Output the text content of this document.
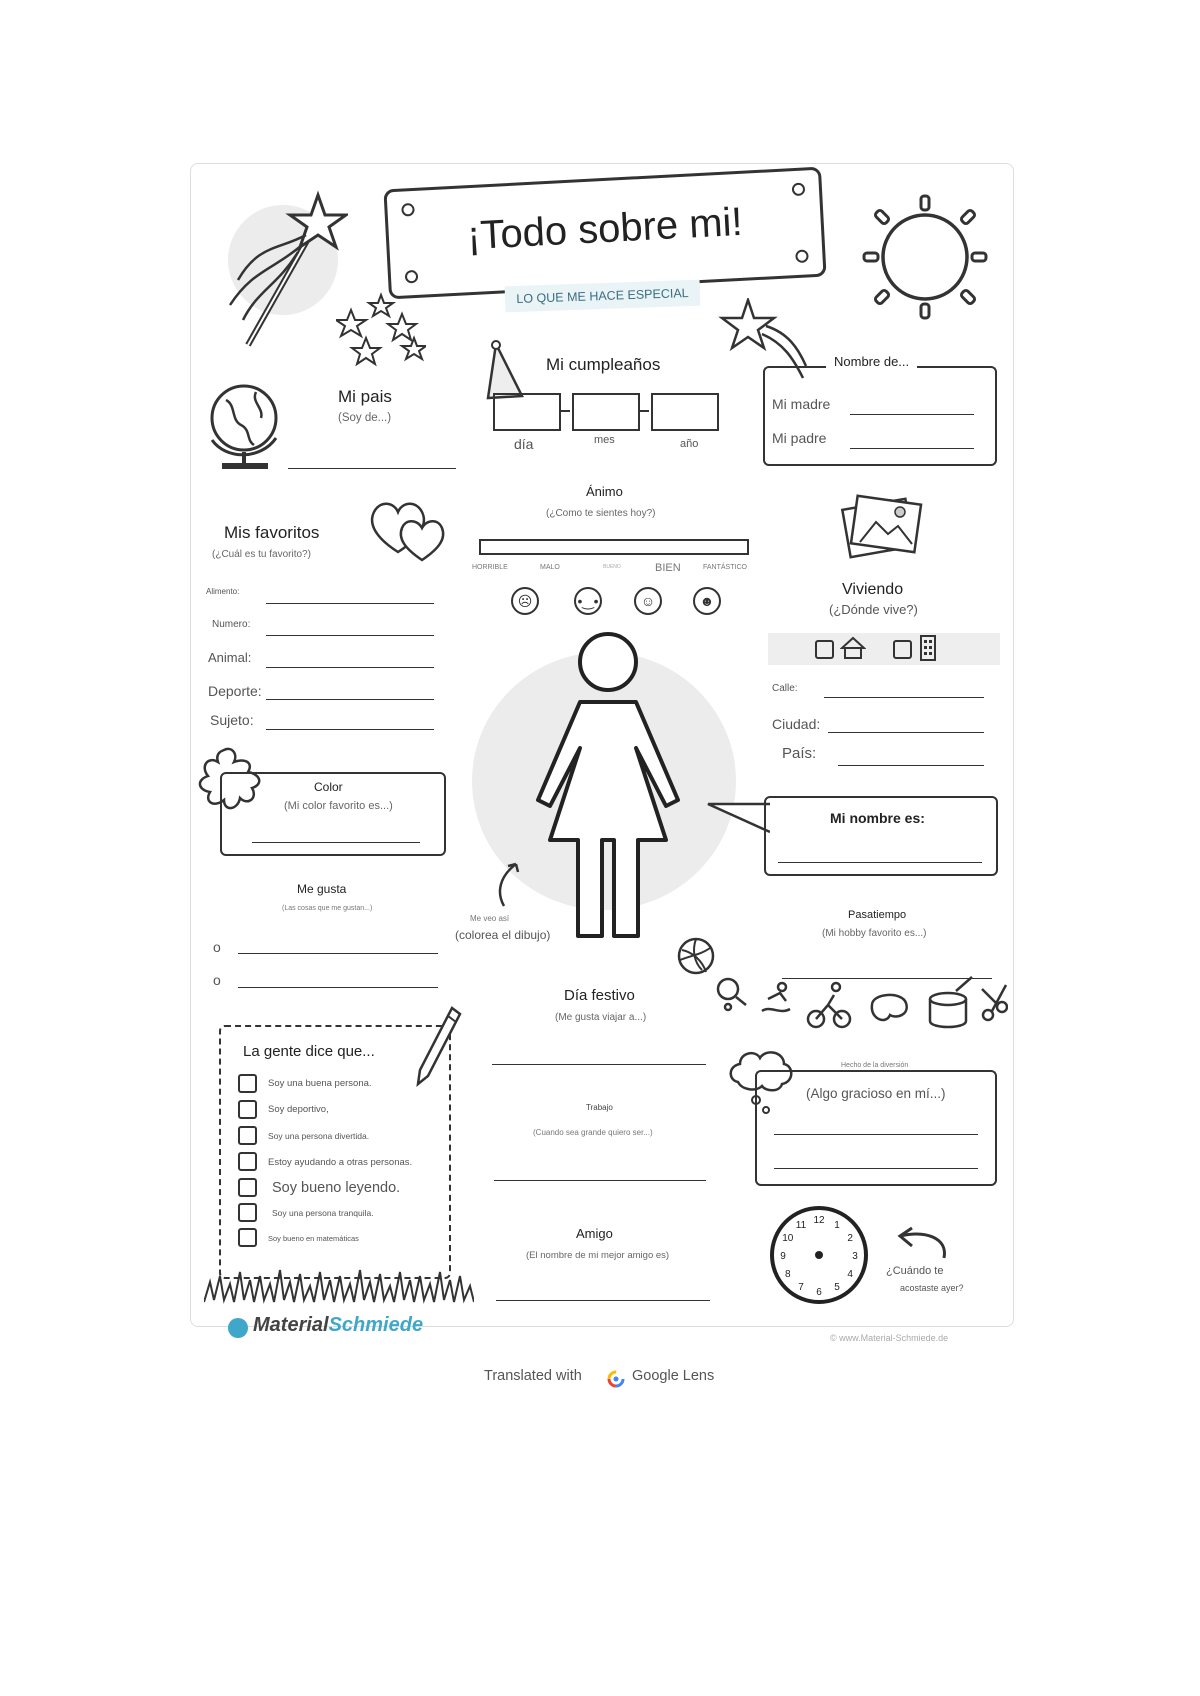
¡Todo sobre mi!
LO QUE ME HACE ESPECIAL
Mi pais
(Soy de...)
Mi cumpleaños
día	mes	año
Nombre de...
Mi madre
Mi padre
Ánimo
(¿Como te sientes hoy?)
HORRIBLE	MALO	BUENO	BIEN	FANTÁSTICO
☹	•‿•	☺	☻
Mis favoritos
(¿Cuál es tu favorito?)
Alimento:
Numero:
Animal:
Deporte:
Sujeto:
Viviendo
(¿Dónde vive?)
Calle:
Ciudad:
País:
Color
(Mi color favorito es...)
Mi nombre es:
Me gusta
(Las cosas que me gustan...)
o
o
Me veo así
(colorea el dibujo)
Pasatiempo
(Mi hobby favorito es...)
Día festivo
(Me gusta viajar a...)
La gente dice que...
Soy una buena persona.
Soy deportivo,
Soy una persona divertida.
Estoy ayudando a otras personas.
Soy bueno leyendo.
Soy una persona tranquila.
Soy bueno en matemáticas
Hecho de la diversión
(Algo gracioso en mí...)
Trabajo
(Cuando sea grande quiero ser...)
Amigo
(El nombre de mi mejor amigo es)
12 1
2
3
4
5
6
7
8
9
10
11
¿Cuándo te
acostaste ayer?
MaterialSchmiede
© www.Material-Schmiede.de
Translated with	Google Lens
